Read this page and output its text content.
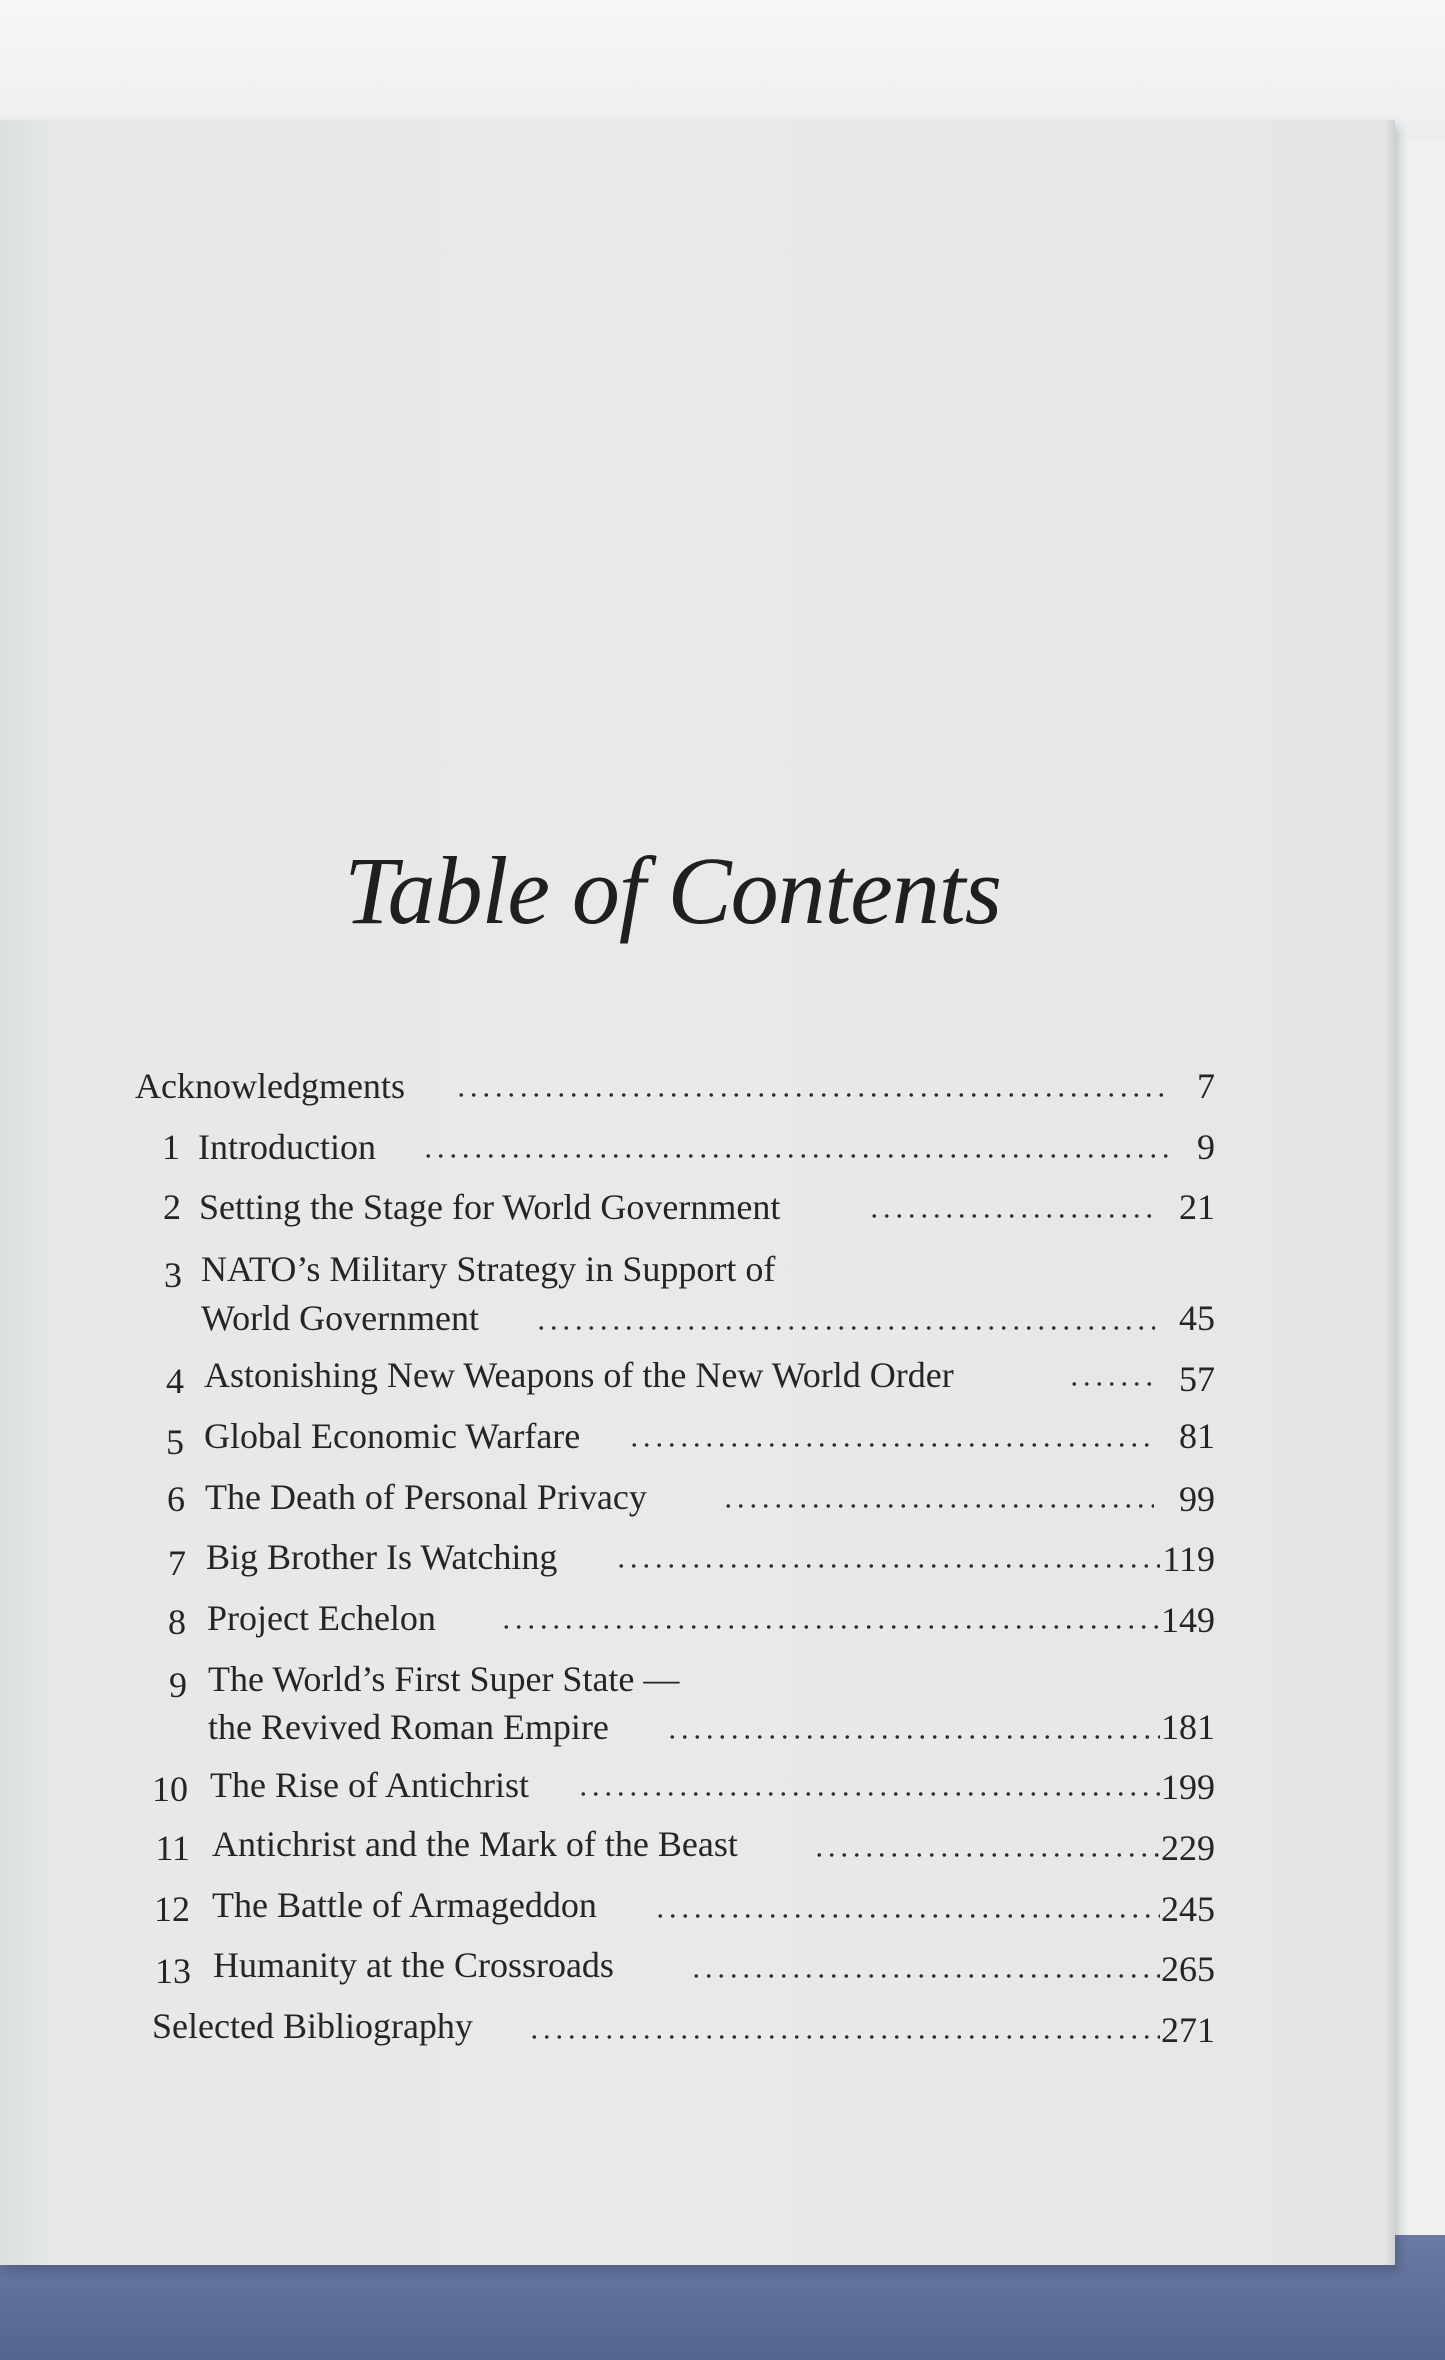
Table of Contents
Acknowledgments	7
1 Introduction	9
2 Setting the Stage for World Government	21
3 NATO’s Military Strategy in Support of
World Government	45
4 Astonishing New Weapons of the New World Order	57
5 Global Economic Warfare	81
6 The Death of Personal Privacy	99
7 Big Brother Is Watching	119
8 Project Echelon	149
9 The World’s First Super State —
the Revived Roman Empire	181
10 The Rise of Antichrist	199
11 Antichrist and the Mark of the Beast	229
12 The Battle of Armageddon	245
13 Humanity at the Crossroads	265
Selected Bibliography	271
